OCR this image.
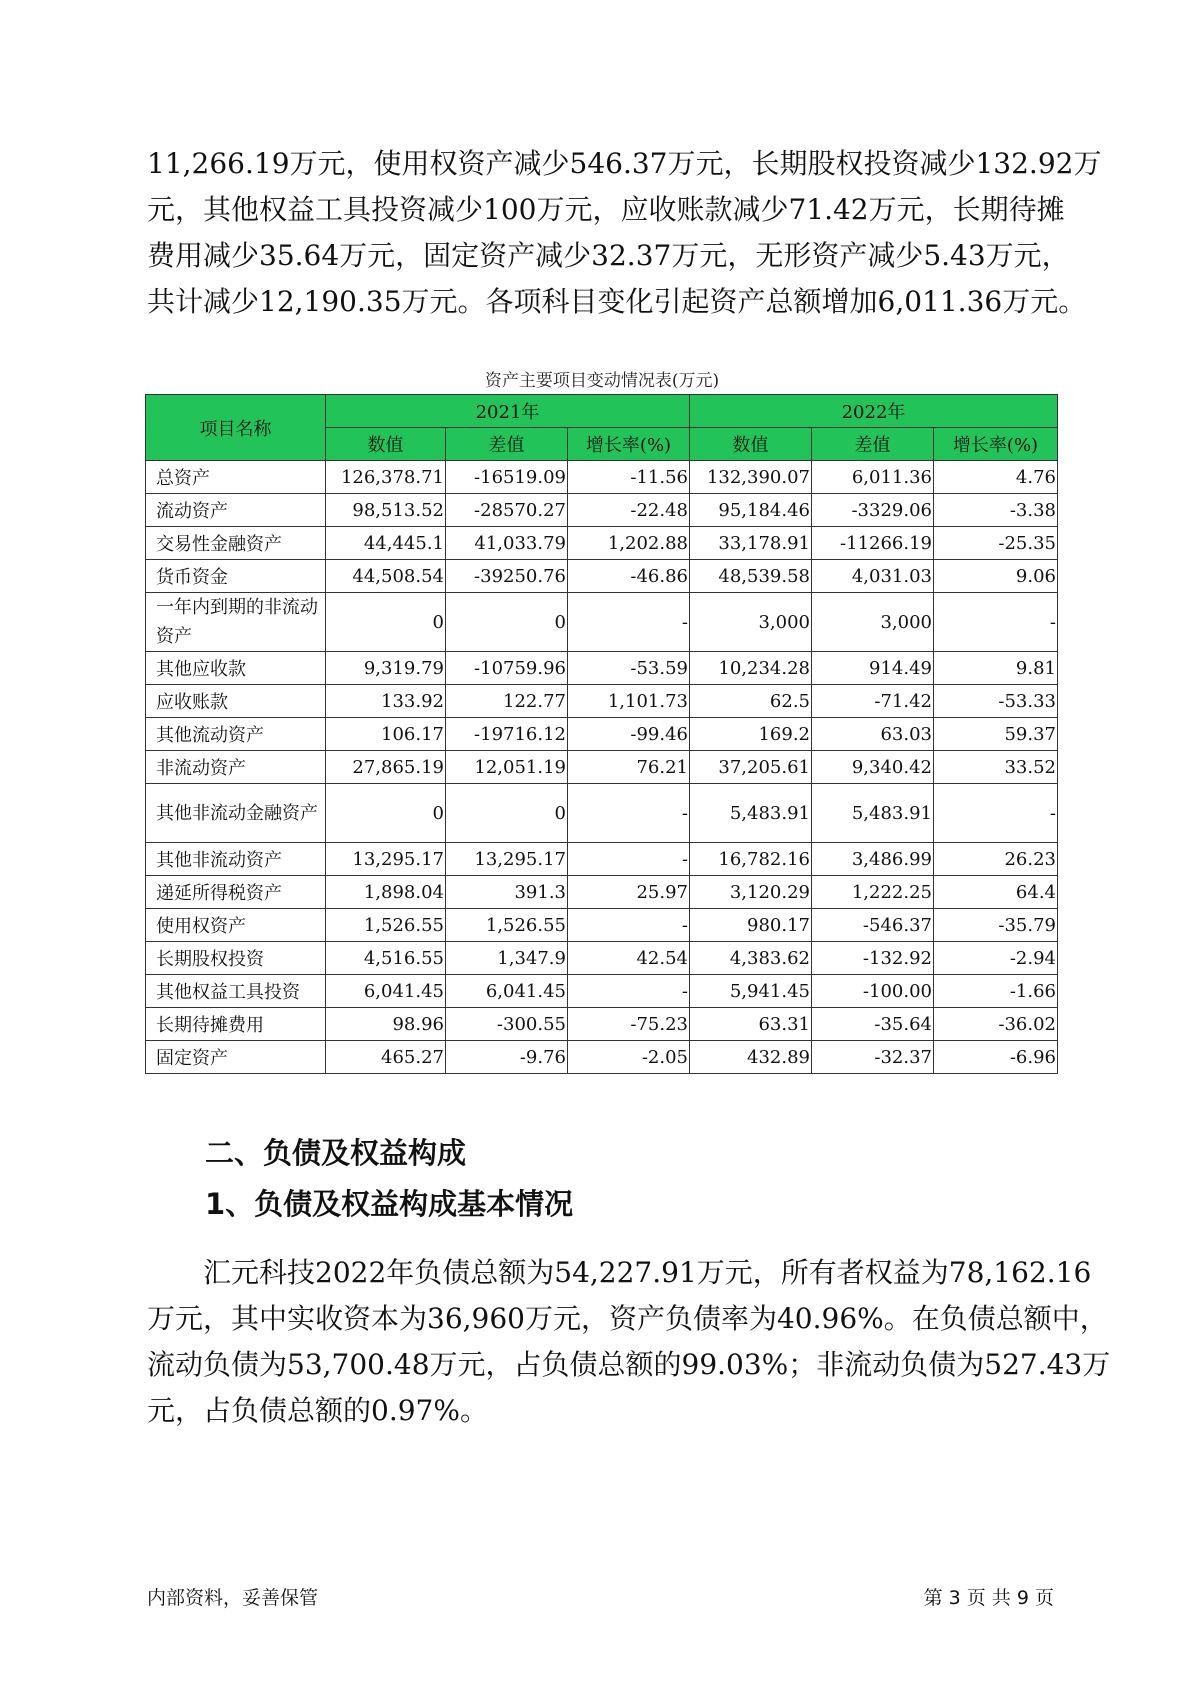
11,266.19万元，使用权资产减少546.37万元，长期股权投资减少132.92万
元，其他权益工具投资减少100万元，应收账款减少71.42万元，长期待摊
费用减少35.64万元，固定资产减少32.37万元，无形资产减少5.43万元，
共计减少12,190.35万元。各项科目变化引起资产总额增加6,011.36万元。

资产主要项目变动情况表(万元)
项目名称	2021年			2022年		
	数值	差值	增长率(%)	数值	差值	增长率(%)
总资产	126,378.71	-16519.09	-11.56	132,390.07	6,011.36	4.76
流动资产	98,513.52	-28570.27	-22.48	95,184.46	-3329.06	-3.38
交易性金融资产	44,445.1	41,033.79	1,202.88	33,178.91	-11266.19	-25.35
货币资金	44,508.54	-39250.76	-46.86	48,539.58	4,031.03	9.06
一年内到期的非流动资产	0	0	-	3,000	3,000	-
其他应收款	9,319.79	-10759.96	-53.59	10,234.28	914.49	9.81
应收账款	133.92	122.77	1,101.73	62.5	-71.42	-53.33
其他流动资产	106.17	-19716.12	-99.46	169.2	63.03	59.37
非流动资产	27,865.19	12,051.19	76.21	37,205.61	9,340.42	33.52
其他非流动金融资产	0	0	-	5,483.91	5,483.91	-
其他非流动资产	13,295.17	13,295.17	-	16,782.16	3,486.99	26.23
递延所得税资产	1,898.04	391.3	25.97	3,120.29	1,222.25	64.4
使用权资产	1,526.55	1,526.55	-	980.17	-546.37	-35.79
长期股权投资	4,516.55	1,347.9	42.54	4,383.62	-132.92	-2.94
其他权益工具投资	6,041.45	6,041.45	-	5,941.45	-100.00	-1.66
长期待摊费用	98.96	-300.55	-75.23	63.31	-35.64	-36.02
固定资产	465.27	-9.76	-2.05	432.89	-32.37	-6.96
二、负债及权益构成
1、负债及权益构成基本情况

汇元科技2022年负债总额为54,227.91万元，所有者权益为78,162.16
万元，其中实收资本为36,960万元，资产负债率为40.96%。在负债总额中，
流动负债为53,700.48万元，占负债总额的99.03%；非流动负债为527.43万
元，占负债总额的0.97%。

内部资料，妥善保管	第 3 页 共 9 页
